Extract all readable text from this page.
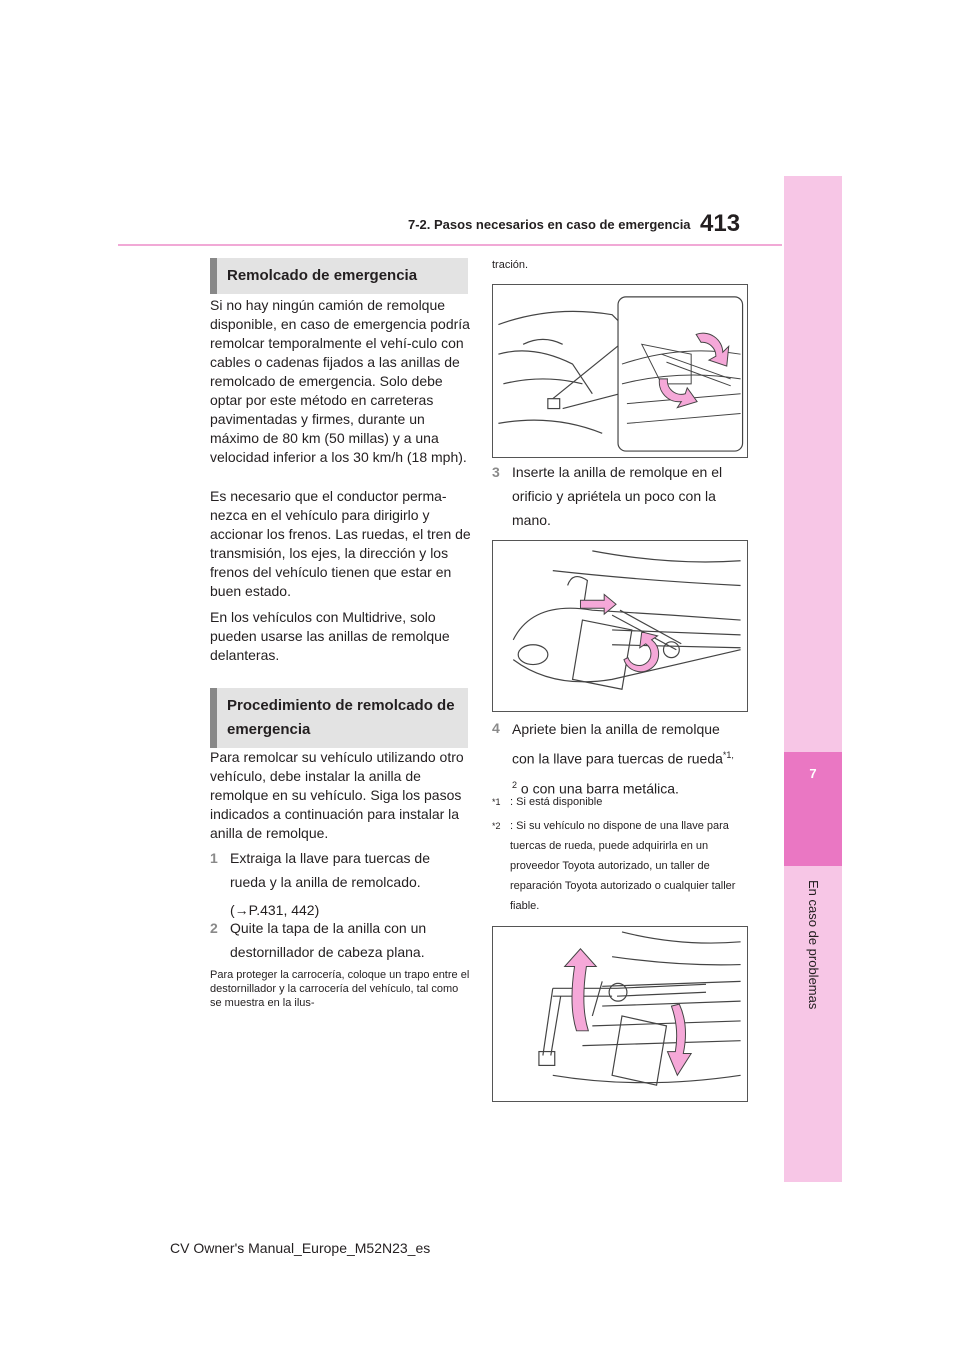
7-2. Pasos necesarios en caso de emergencia 413
7
En caso de problemas
Remolcado de emergencia

Si no hay ningún camión de remolque disponible, en caso de emergencia podría remolcar temporalmente el vehí-culo con cables o cadenas fijados a las anillas de remolcado de emergencia. Solo debe optar por este método en carreteras pavimentadas y firmes, durante un máximo de 80 km (50 millas) y a una velocidad inferior a los 30 km/h (18 mph).

Es necesario que el conductor perma-nezca en el vehículo para dirigirlo y accionar los frenos. Las ruedas, el tren de transmisión, los ejes, la dirección y los frenos del vehículo tienen que estar en buen estado.

En los vehículos con Multidrive, solo pueden usarse las anillas de remolque delanteras.

Procedimiento de remolcado de emergencia

Para remolcar su vehículo utilizando otro vehículo, debe instalar la anilla de remolque en su vehículo. Siga los pasos indicados a continuación para instalar la anilla de remolque.

1 Extraiga la llave para tuercas de rueda y la anilla de remolcado.
(→P.431, 442)
2 Quite la tapa de la anilla con un destornillador de cabeza plana.

Para proteger la carrocería, coloque un trapo entre el destornillador y la carrocería del vehículo, tal como se muestra en la ilus-

tración.

3 Inserte la anilla de remolque en el orificio y apriétela un poco con la mano.
4 Apriete bien la anilla de remolque con la llave para tuercas de rueda$^{*1,}$
$^2$ o con una barra metálica.
*1 : Si está disponible
*2 : Si su vehículo no dispone de una llave para tuercas de rueda, puede adquirirla en un proveedor Toyota autorizado, un taller de reparación Toyota autorizado o cualquier taller fiable.
CV Owner's Manual_Europe_M52N23_es
